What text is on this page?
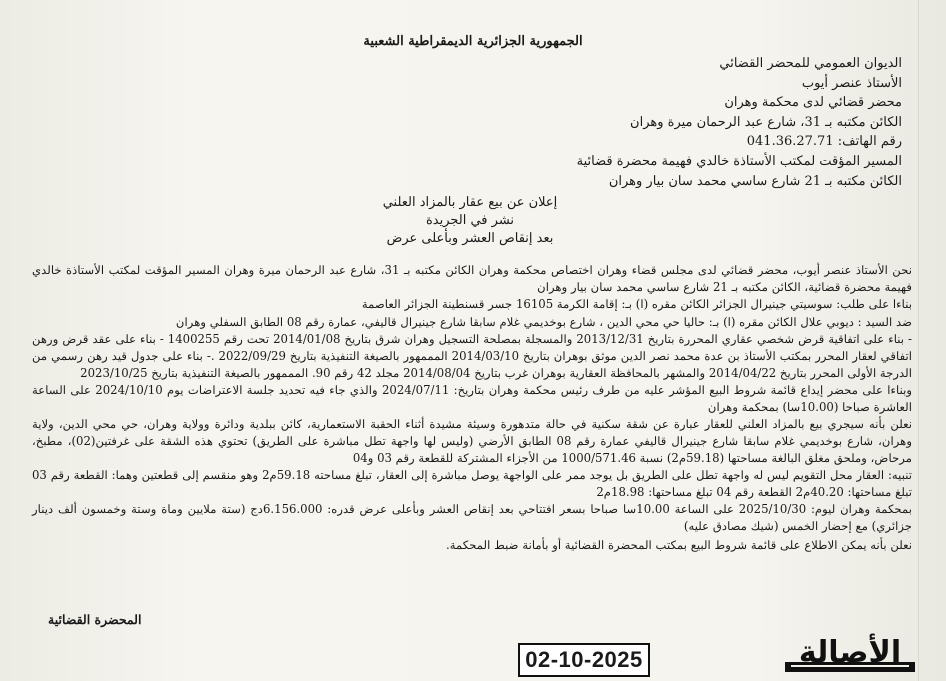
الجمهورية الجزائرية الديمقراطية الشعبية
الديوان العمومي للمحضر القضائي
الأستاذ عنصر أيوب
محضر قضائي لدى محكمة وهران
الكائن مكتبه بـ 31، شارع عبد الرحمان ميرة وهران
رقم الهاتف: 041.36.27.71
المسير المؤقت لمكتب الأستاذة خالدي فهيمة محضرة قضائية
الكائن مكتبه بـ 21 شارع ساسي محمد سان بيار وهران
إعلان عن بيع عقار بالمزاد العلني
نشر في الجريدة
بعد إنقاص العشر وبأعلى عرض

نحن الأستاذ عنصر أيوب، محضر قضائي لدى مجلس قضاء وهران اختصاص محكمة وهران الكائن مكتبه بـ 31، شارع عبد الرحمان ميرة وهران المسير المؤقت لمكتب الأستاذة خالدي فهيمة محضرة قضائية، الكائن مكتبه بـ 21 شارع ساسي محمد سان بيار وهران

بناءا على طلب: سوسيتي جينيرال الجزائر الكائن مقره (ا) بـ: إقامة الكرمة 16105 جسر قسنطينة الجزائر العاصمة

ضد السيد : ديوبي علال الكائن مقره (ا) بـ: حاليا حي محي الدين ، شارع بوخديمي غلام سابقا شارع جينيرال قاليفي، عمارة رقم 08 الطابق السفلي وهران

- بناء على اتفاقية قرض شخصي عقاري المحررة بتاريخ 2013/12/31 والمسجلة بمصلحة التسجيل وهران شرق بتاريخ 2014/01/08 تحت رقم 1400255 - بناء على عقد قرض ورهن اتفاقي لعقار المحرر بمكتب الأستاذ بن عدة محمد نصر الدين موثق بوهران بتاريخ 2014/03/10 المممهور بالصيغة التنفيذية بتاريخ 2022/09/29 .- بناء على جدول قيد رهن رسمي من الدرجة الأولى المحرر بتاريخ 2014/04/22 والمشهر بالمحافظة العقارية بوهران غرب بتاريخ 2014/08/04 مجلد 42 رقم 90. المممهور بالصيغة التنفيذية بتاريخ 2023/10/25

وبناءا على محضر إيداع قائمة شروط البيع المؤشر عليه من طرف رئيس محكمة وهران بتاريخ: 2024/07/11 والذي جاء فيه تحديد جلسة الاعتراضات يوم 2024/10/10 على الساعة العاشرة صباحا (10.00سا) بمحكمة وهران

نعلن بأنه سيجري بيع بالمزاد العلني للعقار عبارة عن شقة سكنية في حالة متدهورة وسيئة مشيدة أثناء الحقبة الاستعمارية، كائن ببلدية ودائرة وولاية وهران، حي محي الدين، ولاية وهران، شارع بوخديمي غلام سابقا شارع جينيرال قاليفي عمارة رقم 08 الطابق الأرضي (وليس لها واجهة تطل مباشرة على الطريق) تحتوي هذه الشقة على غرفتين(02)، مطبخ، مرحاض، وملحق مغلق البالغة مساحتها (59.18م2) نسبة 1000/571.46 من الأجزاء المشتركة للقطعة رقم 03 و04

تنبيه: العقار محل التقويم ليس له واجهة تطل على الطريق بل يوجد ممر على الواجهة يوصل مباشرة إلى العقار، تبلغ مساحته 59.18م2 وهو منقسم إلى قطعتين وهما: القطعة رقم 03 تبلغ مساحتها: 40.20م2 القطعة رقم 04 تبلغ مساحتها: 18.98م2

بمحكمة وهران ليوم: 2025/10/30 على الساعة 10.00سا صباحا بسعر افتتاحي بعد إنقاص العشر وبأعلى عرض قدره: 6.156.000دج (ستة ملايين وماة وستة وخمسون ألف دينار جزائري) مع إحضار الخمس (شيك مصادق عليه)

نعلن بأنه يمكن الاطلاع على قائمة شروط البيع بمكتب المحضرة القضائية أو بأمانة ضبط المحكمة.

المحضرة القضائية
02-10-2025	الأصالة
